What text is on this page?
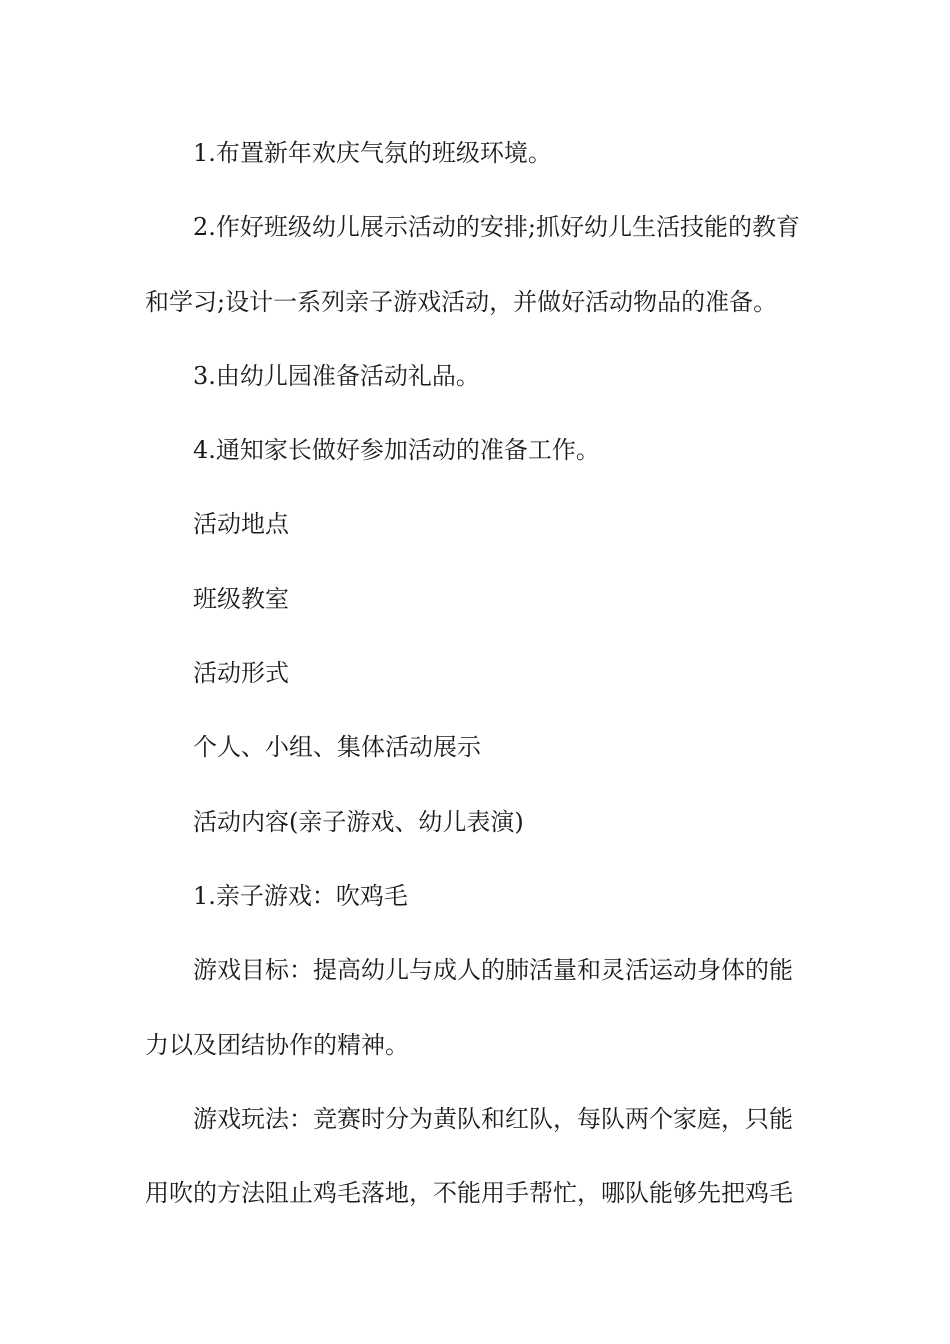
1.布置新年欢庆气氛的班级环境。
2.作好班级幼儿展示活动的安排;抓好幼儿生活技能的教育
和学习;设计一系列亲子游戏活动，并做好活动物品的准备。
3.由幼儿园准备活动礼品。
4.通知家长做好参加活动的准备工作。
活动地点
班级教室
活动形式
个人、小组、集体活动展示
活动内容(亲子游戏、幼儿表演)
1.亲子游戏：吹鸡毛
游戏目标：提高幼儿与成人的肺活量和灵活运动身体的能
力以及团结协作的精神。
游戏玩法：竞赛时分为黄队和红队，每队两个家庭，只能
用吹的方法阻止鸡毛落地，不能用手帮忙，哪队能够先把鸡毛
